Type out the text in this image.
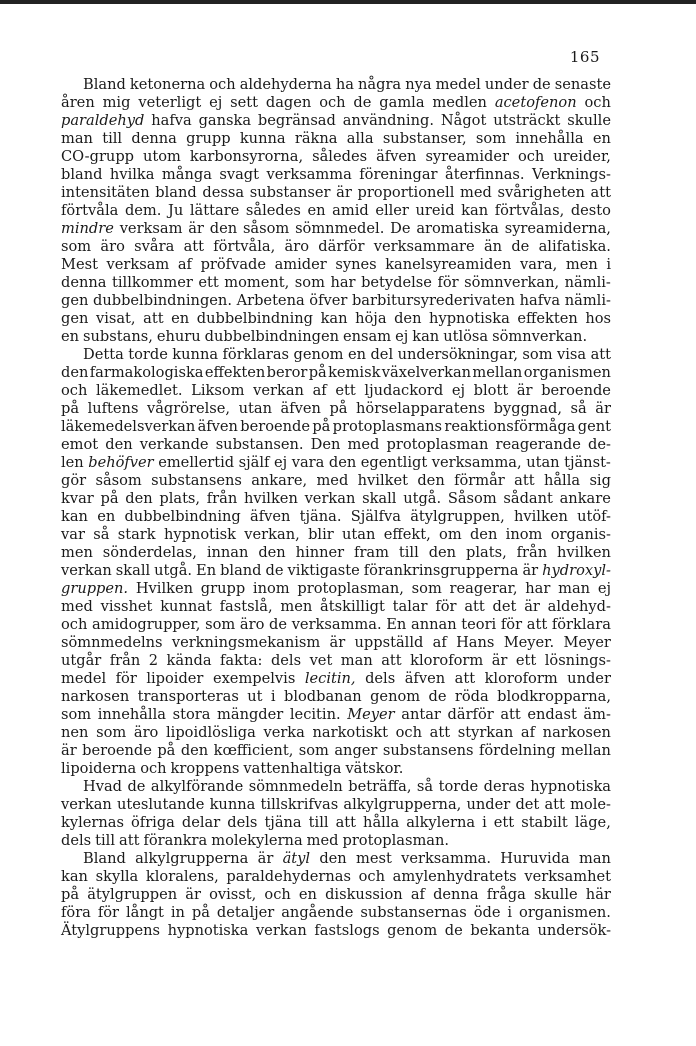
165
Bland ketonerna och aldehyderna ha några nya medel under de senaste
åren mig veterligt ej sett dagen och de gamla medlen acetofenon och
paraldehyd hafva ganska begränsad användning. Något utsträckt skulle
man till denna grupp kunna räkna alla substanser, som innehålla en
CO-grupp utom karbonsyrorna, således äfven syreamider och ureider,
bland hvilka många svagt verksamma föreningar återfinnas. Verknings-
intensitäten bland dessa substanser är proportionell med svårigheten att
förtvåla dem. Ju lättare således en amid eller ureid kan förtvålas, desto
mindre verksam är den såsom sömnmedel. De aromatiska syreamiderna,
som äro svåra att förtvåla, äro därför verksammare än de alifatiska.
Mest verksam af pröfvade amider synes kanelsyreamiden vara, men i
denna tillkommer ett moment, som har betydelse för sömnverkan, nämli-
gen dubbelbindningen. Arbetena öfver barbitursyrederivaten hafva nämli-
gen visat, att en dubbelbindning kan höja den hypnotiska effekten hos
en substans, ehuru dubbelbindningen ensam ej kan utlösa sömnverkan.
Detta torde kunna förklaras genom en del undersökningar, som visa att
den farmakologiska effekten beror på kemisk växelverkan mellan organismen
och läkemedlet. Liksom verkan af ett ljudackord ej blott är beroende
på luftens vågrörelse, utan äfven på hörselapparatens byggnad, så är
läkemedelsverkan äfven beroende på protoplasmans reaktionsförmåga gent
emot den verkande substansen. Den med protoplasman reagerande de-
len behöfver emellertid själf ej vara den egentligt verksamma, utan tjänst-
gör såsom substansens ankare, med hvilket den förmår att hålla sig
kvar på den plats, från hvilken verkan skall utgå. Såsom sådant ankare
kan en dubbelbindning äfven tjäna. Själfva ätylgruppen, hvilken utöf-
var så stark hypnotisk verkan, blir utan effekt, om den inom organis-
men sönderdelas, innan den hinner fram till den plats, från hvilken
verkan skall utgå. En bland de viktigaste förankrinsgrupperna är hydroxyl-
gruppen. Hvilken grupp inom protoplasman, som reagerar, har man ej
med visshet kunnat fastslå, men åtskilligt talar för att det är aldehyd-
och amidogrupper, som äro de verksamma. En annan teori för att förklara
sömnmedelns verkningsmekanism är uppställd af Hans Meyer. Meyer
utgår från 2 kända fakta: dels vet man att kloroform är ett lösnings-
medel för lipoider exempelvis lecitin, dels äfven att kloroform under
narkosen transporteras ut i blodbanan genom de röda blodkropparna,
som innehålla stora mängder lecitin. Meyer antar därför att endast äm-
nen som äro lipoidlösliga verka narkotiskt och att styrkan af narkosen
är beroende på den kœfficient, som anger substansens fördelning mellan
lipoiderna och kroppens vattenhaltiga vätskor.
Hvad de alkylförande sömnmedeln beträffa, så torde deras hypnotiska
verkan uteslutande kunna tillskrifvas alkylgrupperna, under det att mole-
kylernas öfriga delar dels tjäna till att hålla alkylerna i ett stabilt läge,
dels till att förankra molekylerna med protoplasman.
Bland alkylgrupperna är ätyl den mest verksamma. Huruvida man
kan skylla kloralens, paraldehydernas och amylenhydratets verksamhet
på ätylgruppen är ovisst, och en diskussion af denna fråga skulle här
föra för långt in på detaljer angående substansernas öde i organismen.
Ätylgruppens hypnotiska verkan fastslogs genom de bekanta undersök-
